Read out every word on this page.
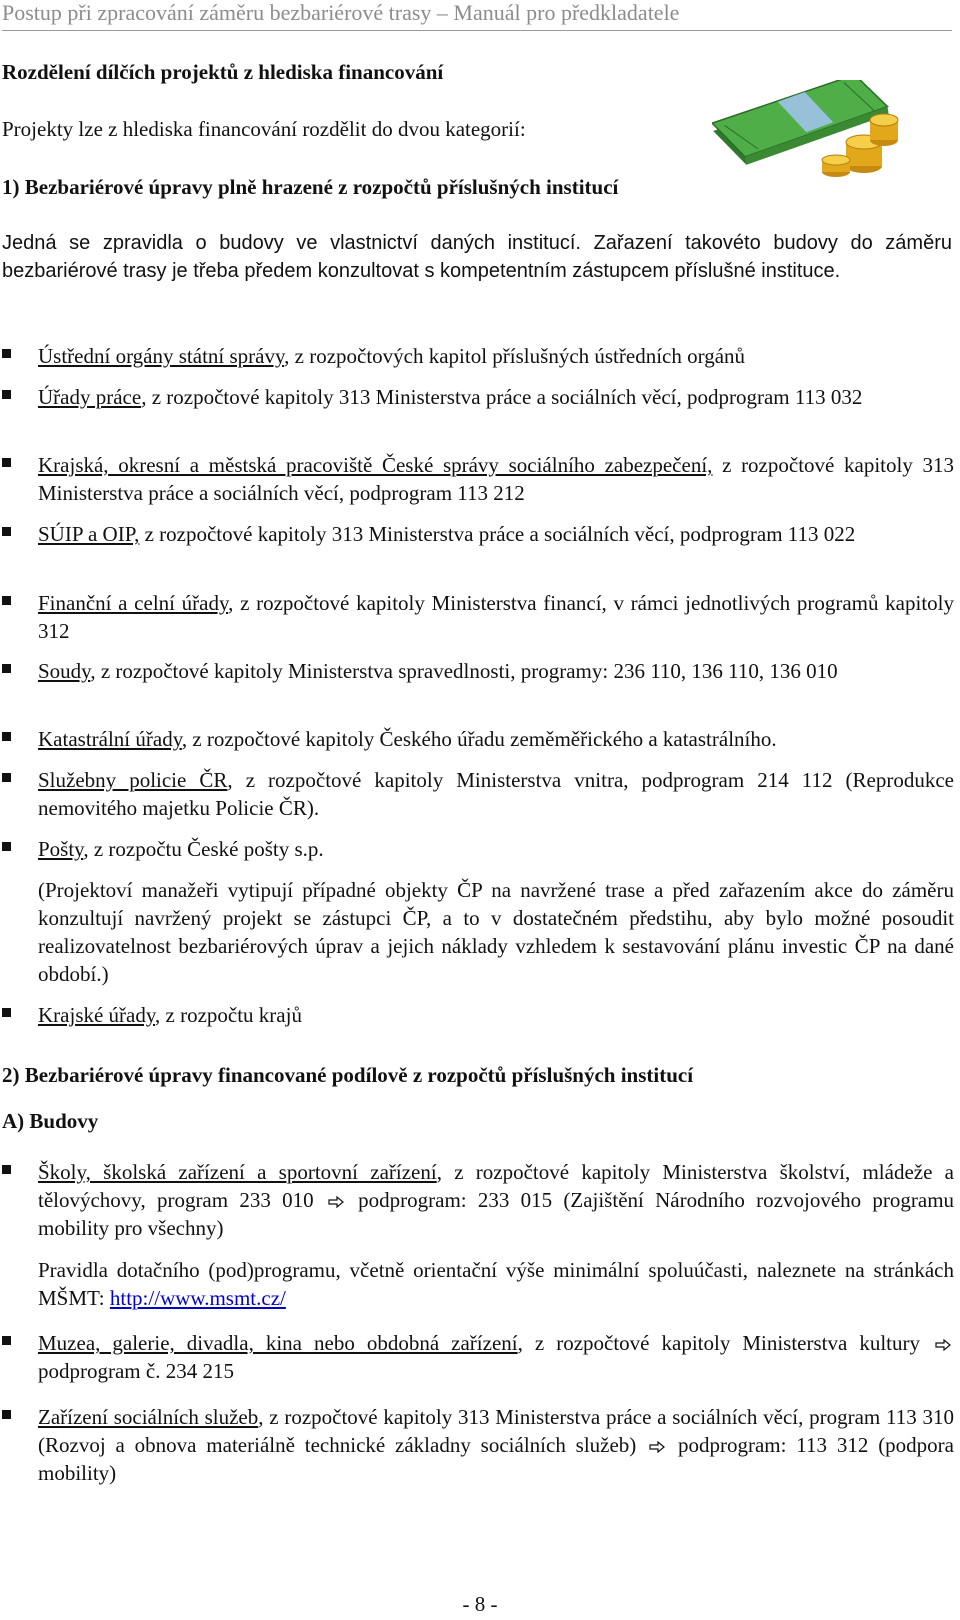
Postup při zpracování záměru bezbariérové trasy – Manuál pro předkladatele
Rozdělení dílčích projektů z hlediska financování
Projekty lze z hlediska financování rozdělit do dvou kategorií:
1) Bezbariérové úpravy plně hrazené z rozpočtů příslušných institucí

Jedná se zpravidla o budovy ve vlastnictví daných institucí. Zařazení takovéto budovy do záměru bezbariérové trasy je třeba předem konzultovat s kompetentním zástupcem příslušné instituce.

Ústřední orgány státní správy, z rozpočtových kapitol příslušných ústředních orgánů
Úřady práce, z rozpočtové kapitoly 313 Ministerstva práce a sociálních věcí, podprogram 113 032
Krajská, okresní a městská pracoviště České správy sociálního zabezpečení, z rozpočtové kapitoly 313 Ministerstva práce a sociálních věcí, podprogram 113 212
SÚIP a OIP, z rozpočtové kapitoly 313 Ministerstva práce a sociálních věcí, podprogram 113 022
Finanční a celní úřady, z rozpočtové kapitoly Ministerstva financí, v rámci jednotlivých programů kapitoly 312
Soudy, z rozpočtové kapitoly Ministerstva spravedlnosti, programy: 236 110, 136 110, 136 010
Katastrální úřady, z rozpočtové kapitoly Českého úřadu zeměměřického a katastrálního.
Služebny policie ČR, z rozpočtové kapitoly Ministerstva vnitra, podprogram 214 112 (Reprodukce nemovitého majetku Policie ČR).
Pošty, z rozpočtu České pošty s.p.

(Projektoví manažeři vytipují případné objekty ČP na navržené trase a před zařazením akce do záměru konzultují navržený projekt se zástupci ČP, a to v dostatečném předstihu, aby bylo možné posoudit realizovatelnost bezbariérových úprav a jejich náklady vzhledem k sestavování plánu investic ČP na dané období.)

Krajské úřady, z rozpočtu krajů
2) Bezbariérové úpravy financované podílově z rozpočtů příslušných institucí
A) Budovy
Školy, školská zařízení a sportovní zařízení, z rozpočtové kapitoly Ministerstva školství, mládeže a tělovýchovy, program 233 010 podprogram: 233 015 (Zajištění Národního rozvojového programu mobility pro všechny)

Pravidla dotačního (pod)programu, včetně orientační výše minimální spoluúčasti, naleznete na stránkách MŠMT: http://www.msmt.cz/

Muzea, galerie, divadla, kina nebo obdobná zařízení, z rozpočtové kapitoly Ministerstva kultury  podprogram č. 234 215
Zařízení sociálních služeb, z rozpočtové kapitoly 313 Ministerstva práce a sociálních věcí, program 113 310 (Rozvoj a obnova materiálně technické základny sociálních služeb) podprogram: 113 312 (podpora mobility)
- 8 -
